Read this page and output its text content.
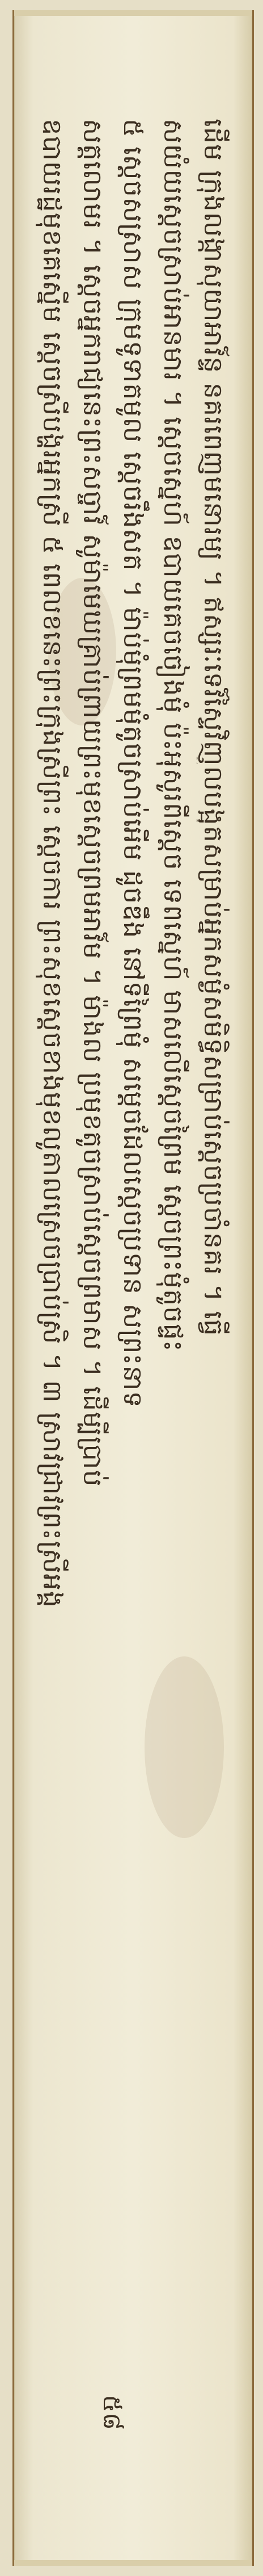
ដើម ក្រុងលង្កាសុយាអាវ៍ន្ទ នគរពេញមនោរម្យ ។ ឥស្សរៈទេវ៍ស្ទៃវិញូលបង្អុតសម្រាប់អ្នកសម្ងំសមិទ្ធិសម្រាប់ស្តេចប្រចាំនគរ ។ ធ្វើ
សយំយស្តេចស្រាប់អានមារ ។ ស្តេចស្នេហ៍ ឧបាយគេចចៀងមុំ ប៉ះអុសូរពីស្តេច ទេពស្នេហ៍ មាសលើស្ដេចព្រៃម ស្តេចព្រះមុំតូចផ្ទះ
៥ ស្តេចសស្រាស ក្រុមទូទាតមូល ស្តេចរឹងសត ។ ម៉ាប់មុំព្រមមុំតូចស្រាប់អើម ដូចឌឹង នៅទីព្រៃមុំ សម្ដេចដែលស្ដេចប្រទាន សព្រះនាទ
សត្តលោមរ ។ ស្ដេចអ្នករាជ្យនេះព្រះសច្ចាវ៍ សូម៉ាមេឃគ្រាប់ព្រាយព្រះមុខស្តេចព្រមអាវ៍ម ។ ម៉ាងល ប្រមុខតូចស្រាប់ស្តេចព្រមាស ។ ដើម្បីប្រាប់
ឧបាយរដ្ឋមុខគេស្នើម ស្ដេចស្រីបង្ហរអ្នកស្រី ៥ ពេលខនេះព្រះក្រុងស្រីព្រះ ស្ដេចការ ព្រះសុខស្តេចខាងមុខលូតាលស្រេចប្រាប់ស្រិ ។ ៣ ស្រាវជ្រាវព្រះស្រីអង្គ
៥៨
